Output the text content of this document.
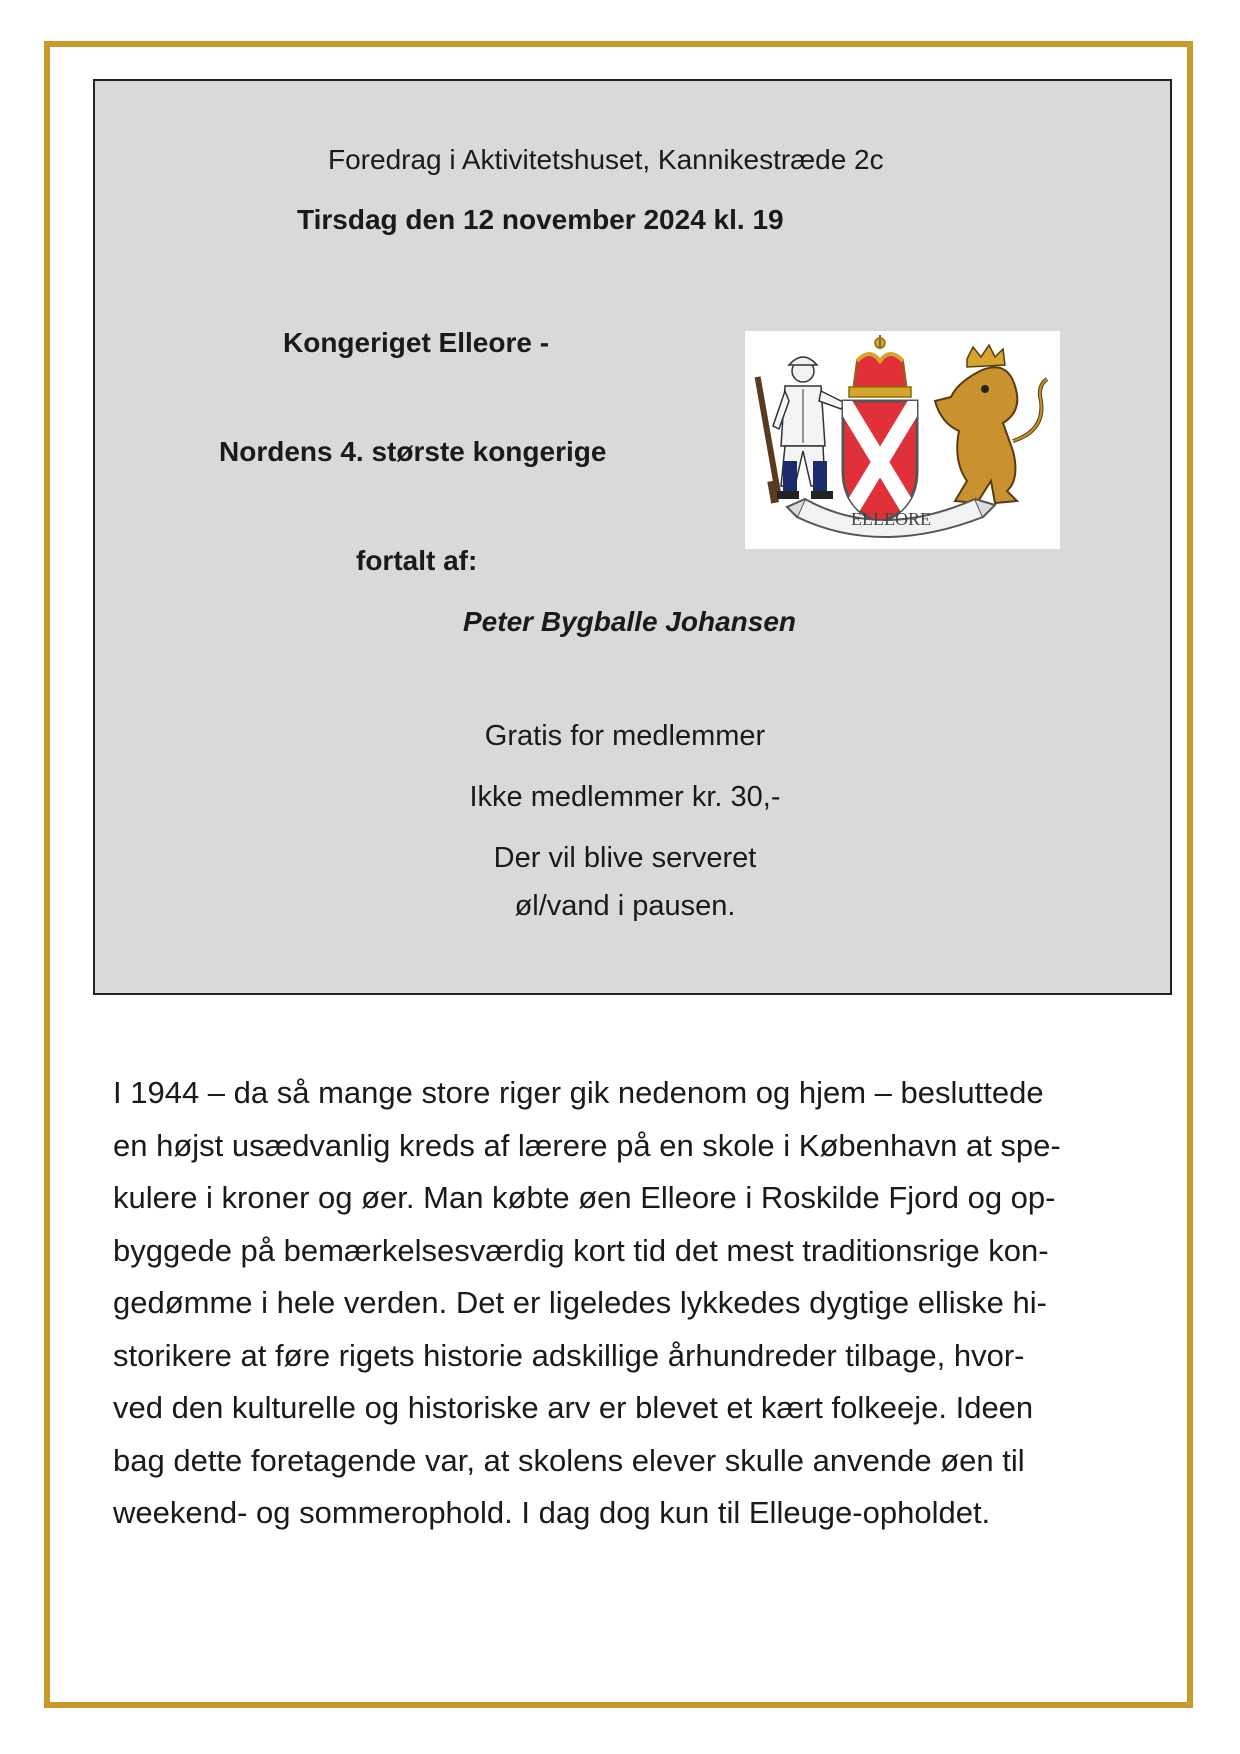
Foredrag i Aktivitetshuset, Kannikestræde 2c
Tirsdag den 12 november 2024 kl. 19
Kongeriget Elleore -
Nordens 4. største kongerige
fortalt af:
Peter Bygballe Johansen
ELLEORE
Gratis for medlemmer
Ikke medlemmer kr. 30,-
Der vil blive serveret
øl/vand i pausen.
I 1944 – da så mange store riger gik nedenom og hjem – besluttede
en højst usædvanlig kreds af lærere på en skole i København at spe-
kulere i kroner og øer. Man købte øen Elleore i Roskilde Fjord og op-
byggede på bemærkelsesværdig kort tid det mest traditionsrige kon-
gedømme i hele verden. Det er ligeledes lykkedes dygtige elliske hi-
storikere at føre rigets historie adskillige århundreder tilbage, hvor-
ved den kulturelle og historiske arv er blevet et kært folkeeje. Ideen
bag dette foretagende var, at skolens elever skulle anvende øen til
weekend- og sommerophold. I dag dog kun til Elleuge-opholdet.
